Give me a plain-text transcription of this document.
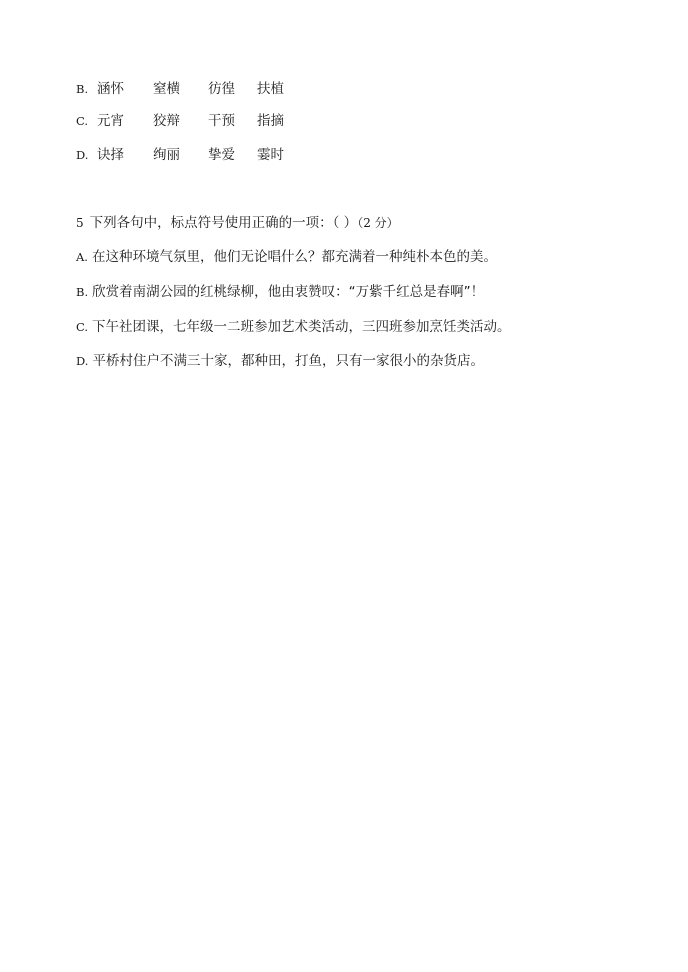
B. 涵怀 窒横 彷徨 扶植
C. 元宵 狡辩 干预 指摘
D. 诀择 绚丽 挚爱 霎时
5 下列各句中，标点符号使用正确的一项：（ ）（2 分）
A. 在这种环境气氛里，他们无论唱什么？都充满着一种纯朴本色的美。
B. 欣赏着南湖公园的红桃绿柳，他由衷赞叹：“万紫千红总是春啊”！
C. 下午社团课，七年级一二班参加艺术类活动，三四班参加烹饪类活动。
D. 平桥村住户不满三十家，都种田，打鱼，只有一家很小的杂货店。
